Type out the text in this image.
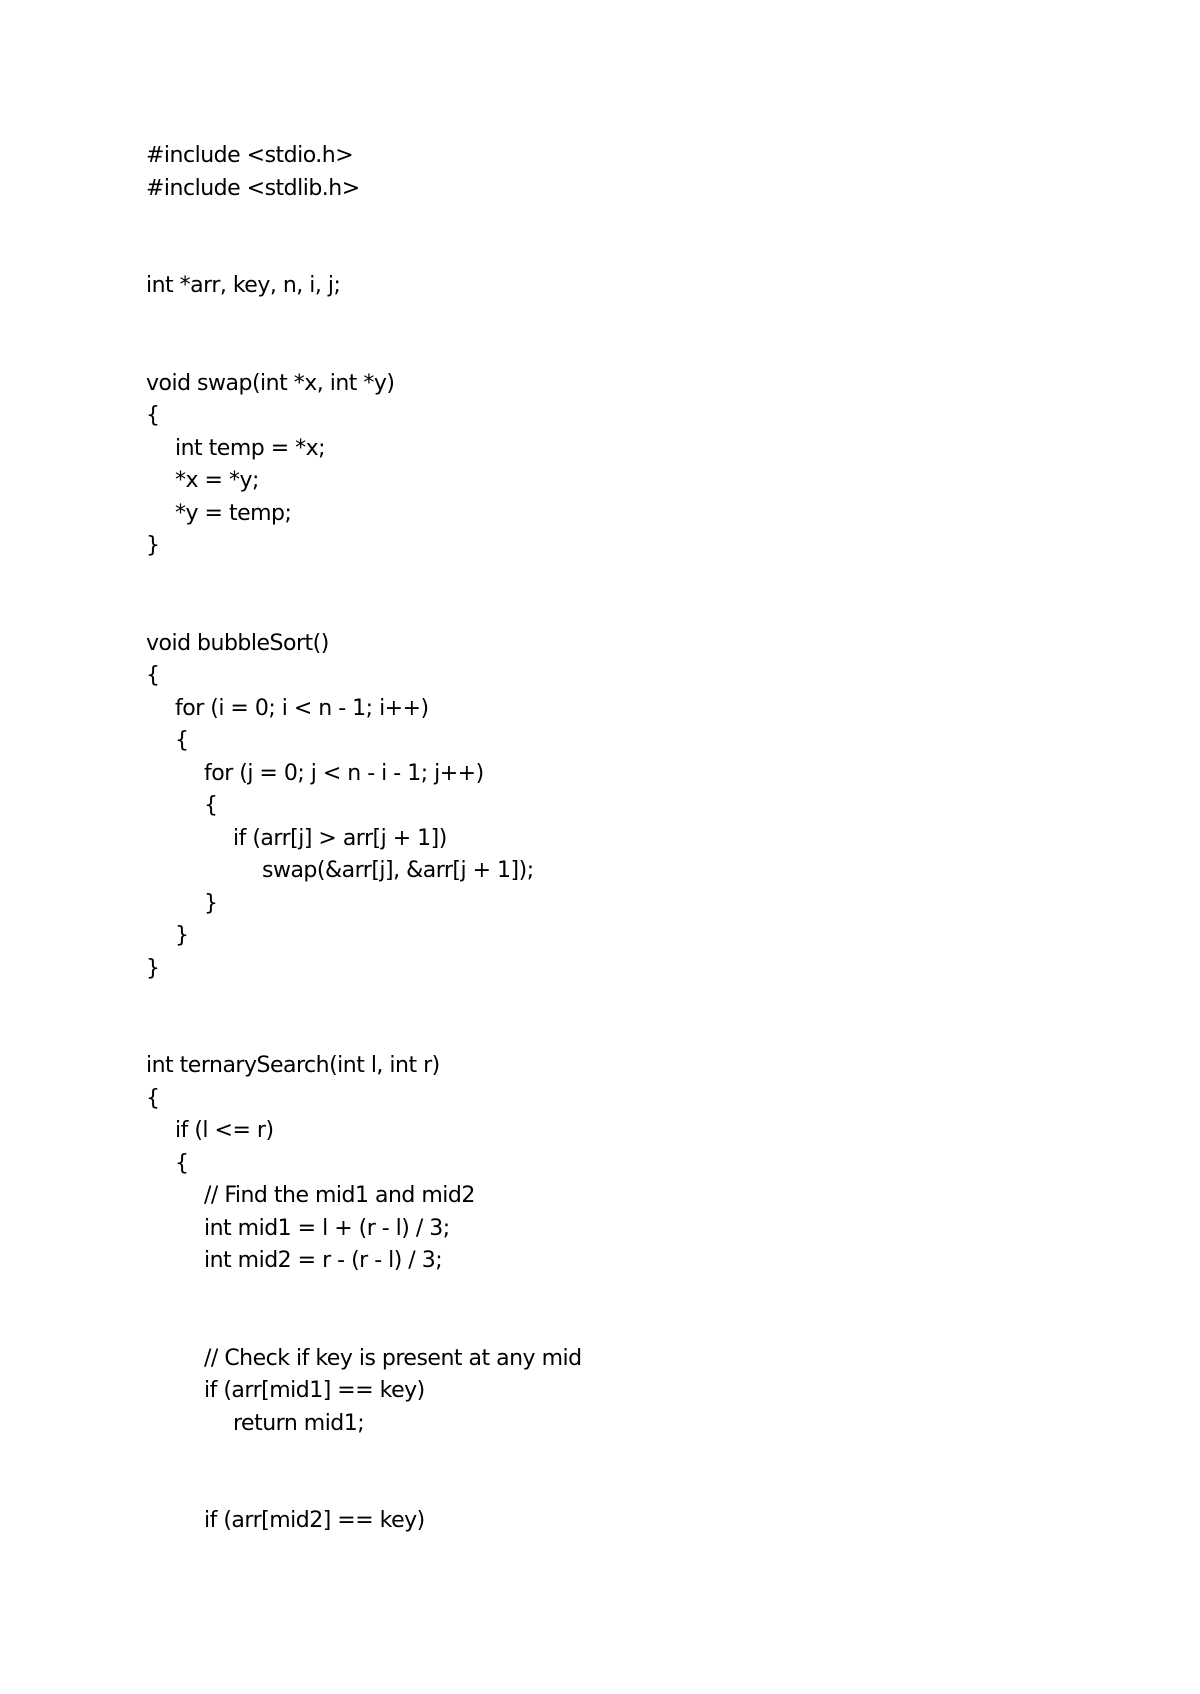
#include <stdio.h>
#include <stdlib.h>
int *arr, key, n, i, j;
void swap(int *x, int *y)
{
int temp = *x;
*x = *y;
*y = temp;
}
void bubbleSort()
{
for (i = 0; i < n - 1; i++)
{
for (j = 0; j < n - i - 1; j++)
{
if (arr[j] > arr[j + 1])
swap(&arr[j], &arr[j + 1]);
}
}
}
int ternarySearch(int l, int r)
{
if (l <= r)
{
// Find the mid1 and mid2
int mid1 = l + (r - l) / 3;
int mid2 = r - (r - l) / 3;
// Check if key is present at any mid
if (arr[mid1] == key)
return mid1;
if (arr[mid2] == key)
